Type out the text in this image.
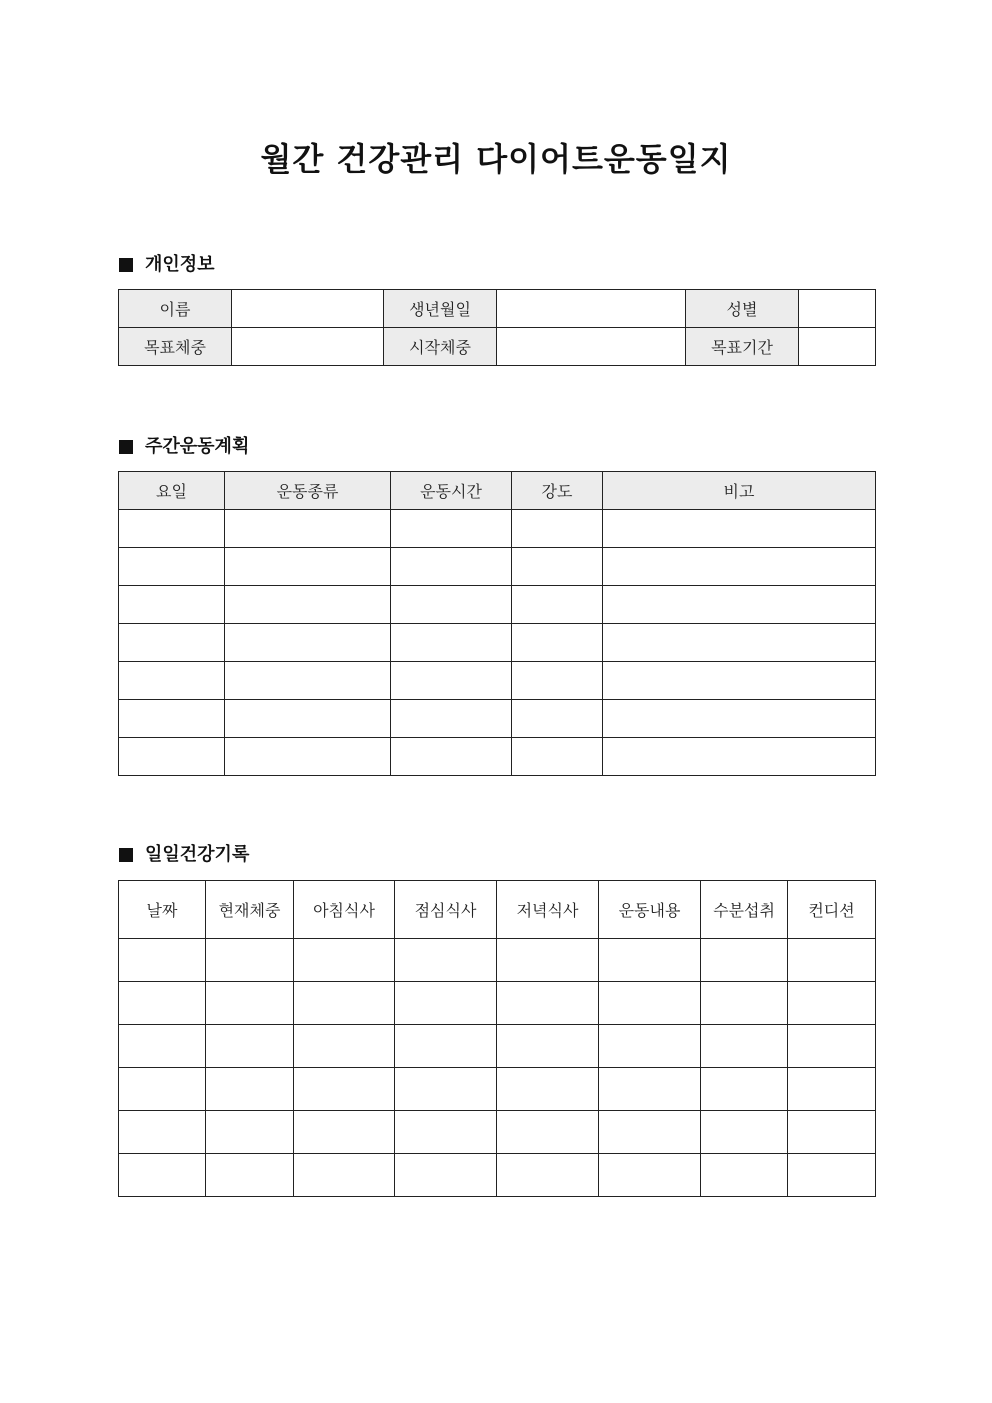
월간 건강관리 다이어트운동일지
개인정보
이름		생년월일		성별	
목표체중		시작체중		목표기간	
주간운동계획
요일	운동종류	운동시간	강도	비고

일일건강기록
날짜	현재체중	아침식사	점심식사	저녁식사	운동내용	수분섭취	컨디션
